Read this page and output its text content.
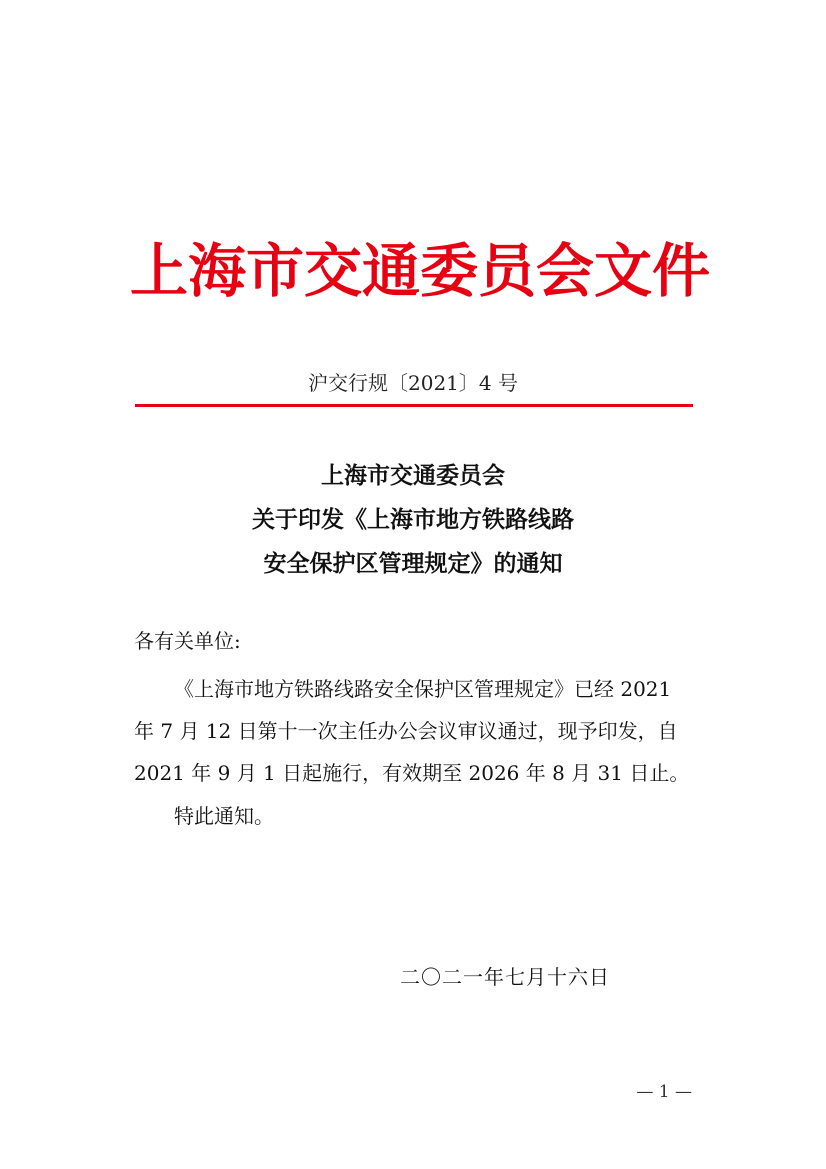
上海市交通委员会文件
沪交行规〔2021〕4 号
上海市交通委员会
关于印发《上海市地方铁路线路
安全保护区管理规定》的通知
各有关单位:
《上海市地方铁路线路安全保护区管理规定》已经 2021
年 7 月 12 日第十一次主任办公会议审议通过，现予印发，自
2021 年 9 月 1 日起施行，有效期至 2026 年 8 月 31 日止。
特此通知。
二〇二一年七月十六日
— 1 —
